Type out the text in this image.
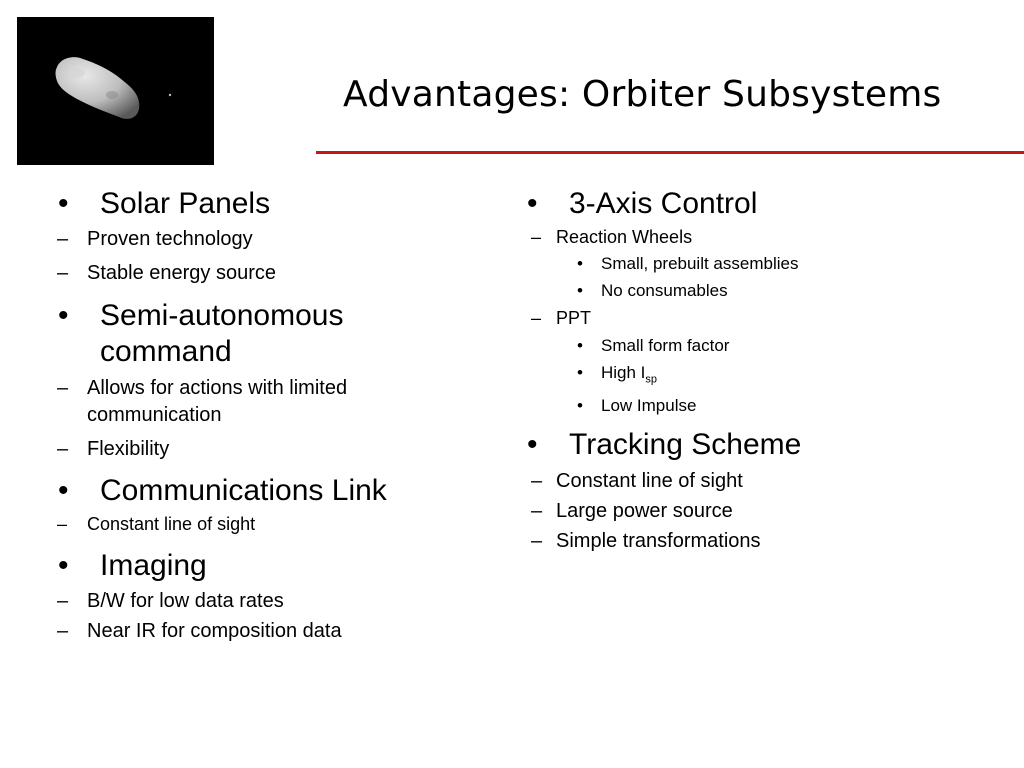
Advantages: Orbiter Subsystems
• Solar Panels
– Proven technology
– Stable energy source
• Semi-autonomous
command
– Allows for actions with limited
communication
– Flexibility
• Communications Link
– Constant line of sight
• Imaging
– B/W for low data rates
– Near IR for composition data
• 3-Axis Control
– Reaction Wheels
• Small, prebuilt assemblies
• No consumables
– PPT
• Small form factor
• High $I_{sp}$
• Low Impulse
• Tracking Scheme
– Constant line of sight
– Large power source
– Simple transformations
